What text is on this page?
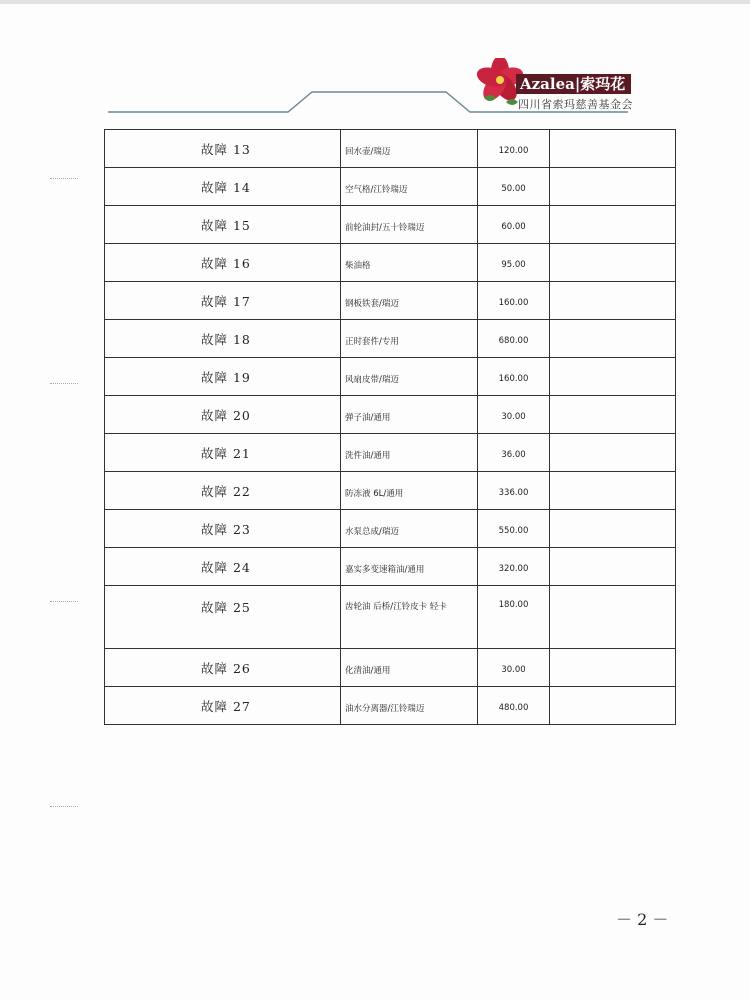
Azalea|索玛花
四川省索玛慈善基金会
故障 13	回水壶/瑞迈	120.00	
故障 14	空气格/江铃瑞迈	50.00	
故障 15	前轮油封/五十铃瑞迈	60.00	
故障 16	柴油格	95.00	
故障 17	钢板铁套/瑞迈	160.00	
故障 18	正时套件/专用	680.00	
故障 19	风扇皮带/瑞迈	160.00	
故障 20	弹子油/通用	30.00	
故障 21	洗件油/通用	36.00	
故障 22	防冻液 6L/通用	336.00	
故障 23	水泵总成/瑞迈	550.00	
故障 24	嘉实多变速箱油/通用	320.00	
故障 25	齿轮油 后桥/江铃皮卡 轻卡	180.00	
故障 26	化清油/通用	30.00	
故障 27	油水分离器/江铃瑞迈	480.00	
－ 2 －
